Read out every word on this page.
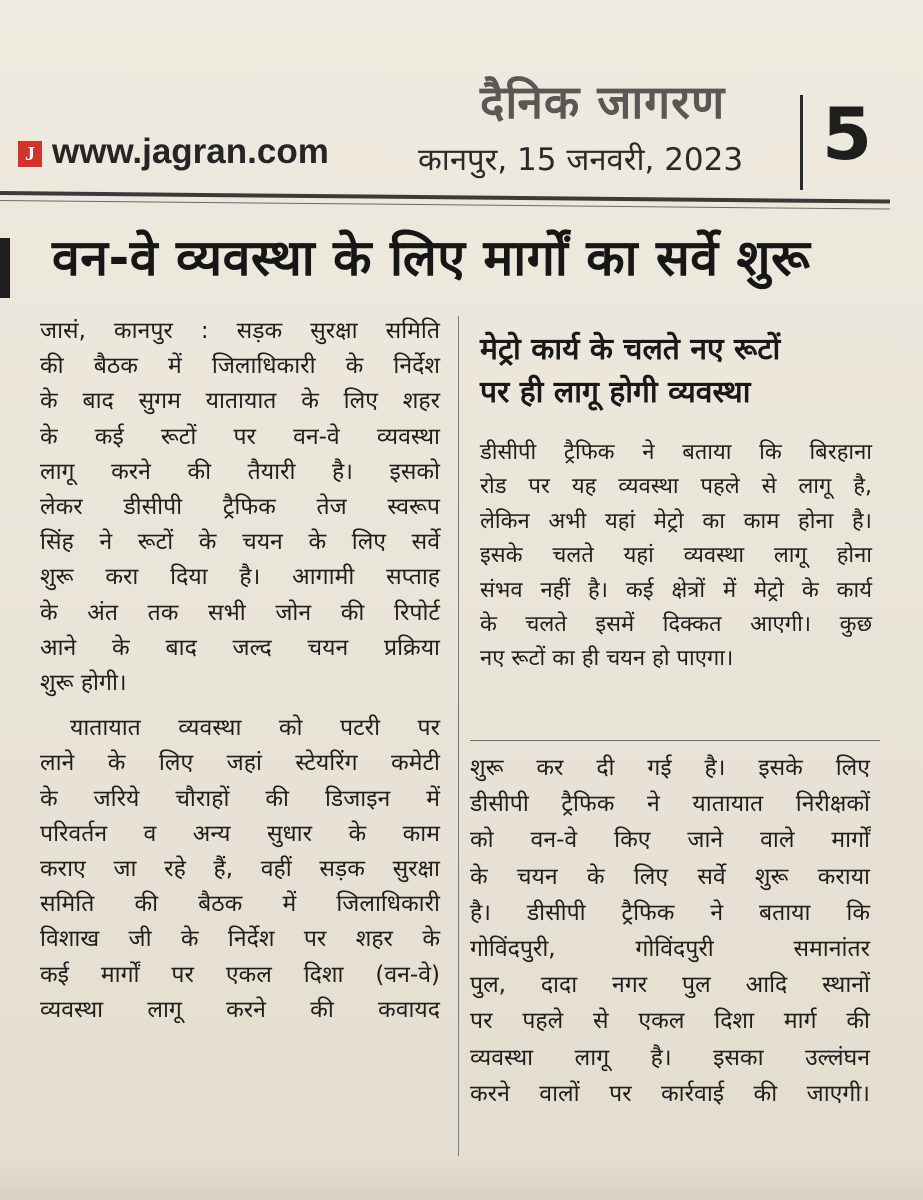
दैनिक जागरण	5
J www.jagran.com	कानपुर, 15 जनवरी, 2023
वन-वे व्यवस्था के लिए मार्गों का सर्वे शुरू

जासं, कानपुर : सड़क सुरक्षा समिति
की बैठक में जिलाधिकारी के निर्देश
के बाद सुगम यातायात के लिए शहर
के कई रूटों पर वन-वे व्यवस्था
लागू करने की तैयारी है। इसको
लेकर डीसीपी ट्रैफिक तेज स्वरूप
सिंह ने रूटों के चयन के लिए सर्वे
शुरू करा दिया है। आगामी सप्ताह
के अंत तक सभी जोन की रिपोर्ट
आने के बाद जल्द चयन प्रक्रिया
शुरू होगी।

यातायात व्यवस्था को पटरी पर
लाने के लिए जहां स्टेयरिंग कमेटी
के जरिये चौराहों की डिजाइन में
परिवर्तन व अन्य सुधार के काम
कराए जा रहे हैं, वहीं सड़क सुरक्षा
समिति की बैठक में जिलाधिकारी
विशाख जी के निर्देश पर शहर के
कई मार्गों पर एकल दिशा (वन-वे)
व्यवस्था लागू करने की कवायद

मेट्रो कार्य के चलते नए रूटों
पर ही लागू होगी व्यवस्था
डीसीपी ट्रैफिक ने बताया कि बिरहाना
रोड पर यह व्यवस्था पहले से लागू है,
लेकिन अभी यहां मेट्रो का काम होना है।
इसके चलते यहां व्यवस्था लागू होना
संभव नहीं है। कई क्षेत्रों में मेट्रो के कार्य
के चलते इसमें दिक्कत आएगी। कुछ
नए रूटों का ही चयन हो पाएगा।
शुरू कर दी गई है। इसके लिए
डीसीपी ट्रैफिक ने यातायात निरीक्षकों
को वन-वे किए जाने वाले मार्गों
के चयन के लिए सर्वे शुरू कराया
है। डीसीपी ट्रैफिक ने बताया कि
गोविंदपुरी, गोविंदपुरी समानांतर
पुल, दादा नगर पुल आदि स्थानों
पर पहले से एकल दिशा मार्ग की
व्यवस्था लागू है। इसका उल्लंघन
करने वालों पर कार्रवाई की जाएगी।
